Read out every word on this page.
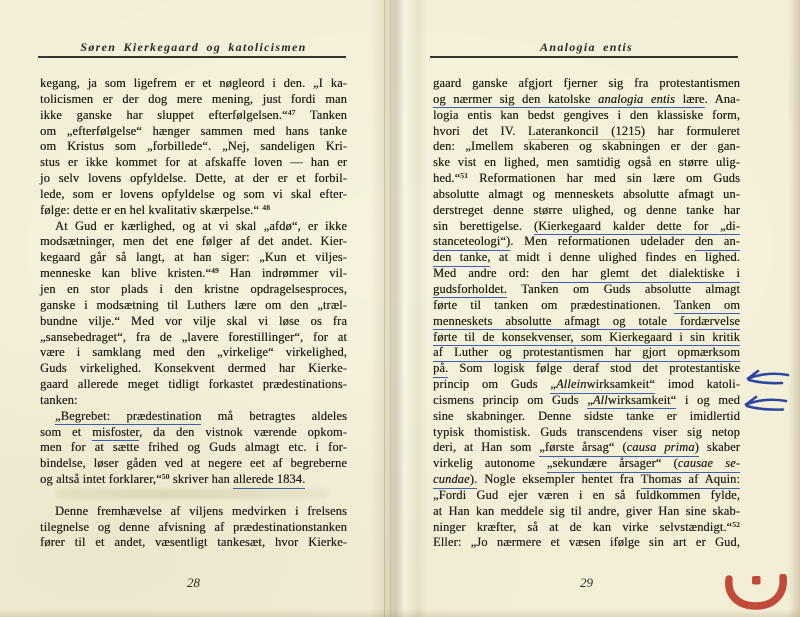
Søren Kierkegaard og katolicismen
kegang, ja som ligefrem er et nøgleord i den. „I ka-
tolicismen er der dog mere mening, just fordi man
ikke ganske har sluppet efterfølgelsen.“$^{47}$ Tanken
om „efterfølgelse“ hænger sammen med hans tanke
om Kristus som „forbillede“. „Nej, sandeligen Kri-
stus er ikke kommet for at afskaffe loven — han er
jo selv lovens opfyldelse. Dette, at der er et forbil-
lede, som er lovens opfyldelse og som vi skal efter-
følge: dette er en hel kvalitativ skærpelse.“ $^{48}$
At Gud er kærlighed, og at vi skal „afdø“, er ikke
modsætninger, men det ene følger af det andet. Kier-
kegaard går så langt, at han siger: „Kun et viljes-
menneske kan blive kristen.“$^{49}$ Han indrømmer vil-
jen en stor plads i den kristne opdragelsesproces,
ganske i modsætning til Luthers lære om den „træl-
bundne vilje.“ Med vor vilje skal vi løse os fra
„sansebedraget“, fra de „lavere forestillinger“, for at
være i samklang med den „virkelige“ virkelighed,
Guds virkelighed. Konsekvent dermed har Kierke-
gaard allerede meget tidligt forkastet prædestinations-
tanken:
„Begrebet: prædestination må betragtes aldeles
som et misfoster, da den vistnok værende opkom-
men for at sætte frihed og Guds almagt etc. i for-
bindelse, løser gåden ved at negere eet af begreberne
og altså intet forklarer,“$^{50}$ skriver han allerede 1834.
Denne fremhævelse af viljens medvirken i frelsens
tilegnelse og denne afvisning af prædestinationstanken
fører til et andet, væsentligt tankesæt, hvor Kierke-
28
Analogia entis
gaard ganske afgjort fjerner sig fra protestantismen
og nærmer sig den katolske analogia entis lære. Ana-
logia entis kan bedst gengives i den klassiske form,
hvori det IV. Laterankoncil (1215) har formuleret
den: „Imellem skaberen og skabningen er der gan-
ske vist en lighed, men samtidig også en større ulig-
hed.“$^{51}$ Reformationen har med sin lære om Guds
absolutte almagt og menneskets absolutte afmagt un-
derstreget denne større ulighed, og denne tanke har
sin berettigelse. (Kierkegaard kalder dette for „di-
stanceteologi“). Men reformationen udelader den an-
den tanke, at midt i denne ulighed findes en lighed.
Med andre ord: den har glemt det dialektiske i
gudsforholdet. Tanken om Guds absolutte almagt
førte til tanken om prædestinationen. Tanken om
menneskets absolutte afmagt og totale fordærvelse
førte til de konsekvenser, som Kierkegaard i sin kritik
af Luther og protestantismen har gjort opmærksom
på. Som logisk følge deraf stod det protestantiske
princip om Guds „Alleinwirksamkeit“ imod katoli-
cismens princip om Guds „Allwirksamkeit“ i og med
sine skabninger. Denne sidste tanke er imidlertid
typisk thomistisk. Guds transcendens viser sig netop
deri, at Han som „første årsag“ (causa prima) skaber
virkelig autonome „sekundære årsager“ (causae se-
cundae). Nogle eksempler hentet fra Thomas af Aquin:
„Fordi Gud ejer væren i en så fuldkommen fylde,
at Han kan meddele sig til andre, giver Han sine skab-
ninger kræfter, så at de kan virke selvstændigt.“$^{52}$
Eller: „Jo nærmere et væsen ifølge sin art er Gud,
29
